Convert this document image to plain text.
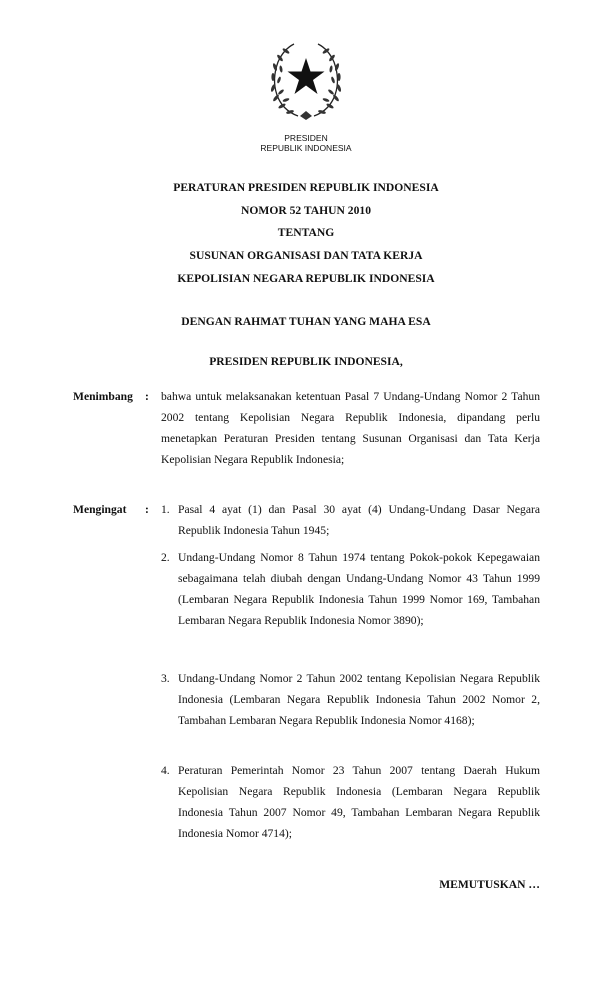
PRESIDEN
REPUBLIK INDONESIA
PERATURAN PRESIDEN REPUBLIK INDONESIA
NOMOR 52 TAHUN 2010
TENTANG
SUSUNAN ORGANISASI DAN TATA KERJA
KEPOLISIAN NEGARA REPUBLIK INDONESIA
DENGAN RAHMAT TUHAN YANG MAHA ESA
PRESIDEN REPUBLIK INDONESIA,
Menimbang : bahwa untuk melaksanakan ketentuan Pasal 7 Undang-Undang Nomor 2 Tahun 2002 tentang Kepolisian Negara Republik Indonesia, dipandang perlu menetapkan Peraturan Presiden tentang Susunan Organisasi dan Tata Kerja Kepolisian Negara Republik Indonesia;
Mengingat : 1. Pasal 4 ayat (1) dan Pasal 30 ayat (4) Undang-Undang Dasar Negara Republik Indonesia Tahun 1945;
2. Undang-Undang Nomor 8 Tahun 1974 tentang Pokok-pokok Kepegawaian sebagaimana telah diubah dengan Undang-Undang Nomor 43 Tahun 1999 (Lembaran Negara Republik Indonesia Tahun 1999 Nomor 169, Tambahan Lembaran Negara Republik Indonesia Nomor 3890);
3. Undang-Undang Nomor 2 Tahun 2002 tentang Kepolisian Negara Republik Indonesia (Lembaran Negara Republik Indonesia Tahun 2002 Nomor 2, Tambahan Lembaran Negara Republik Indonesia Nomor 4168);
4. Peraturan Pemerintah Nomor 23 Tahun 2007 tentang Daerah Hukum Kepolisian Negara Republik Indonesia (Lembaran Negara Republik Indonesia Tahun 2007 Nomor 49, Tambahan Lembaran Negara Republik Indonesia Nomor 4714);
MEMUTUSKAN …
